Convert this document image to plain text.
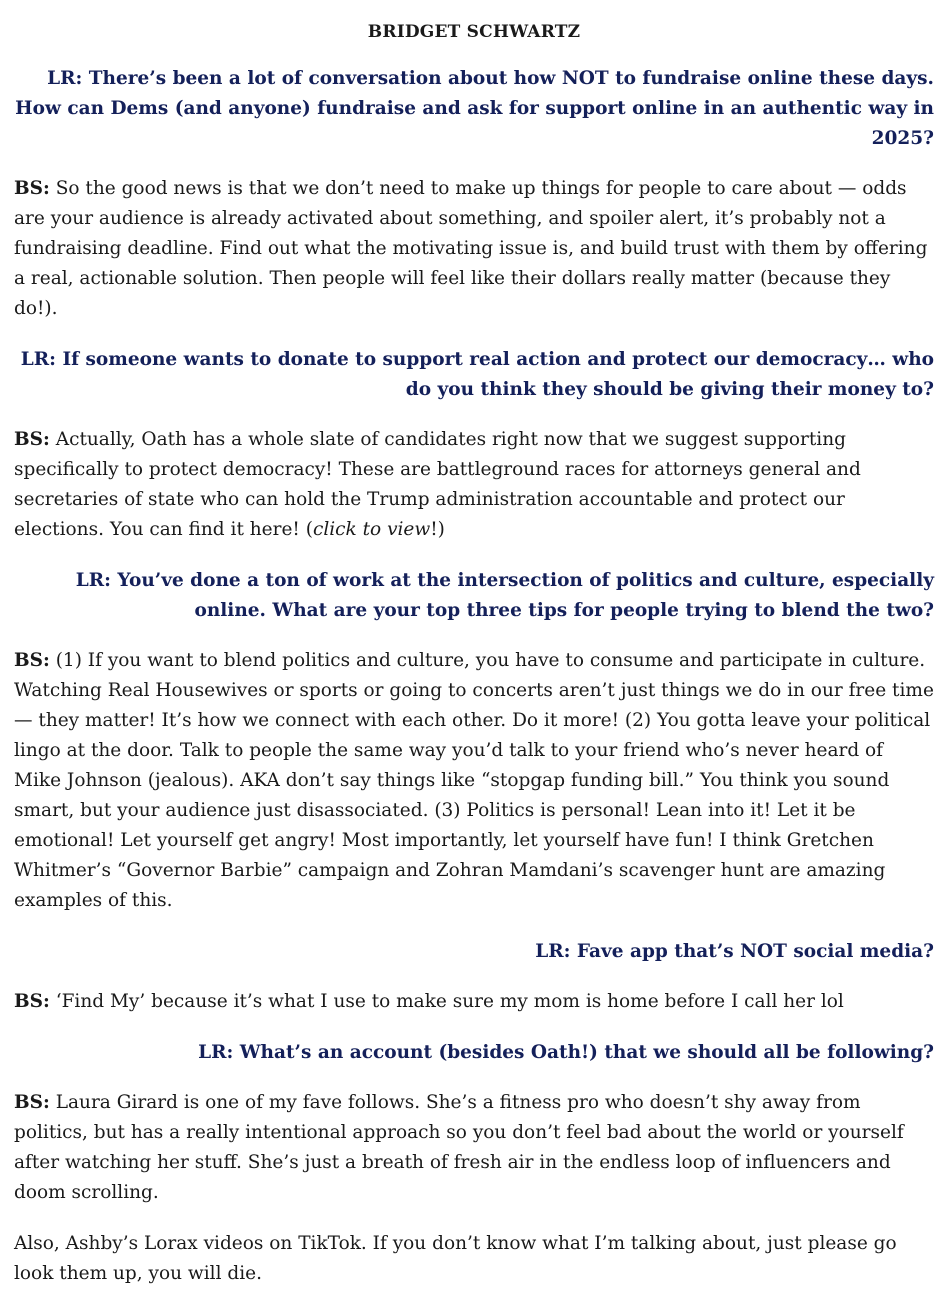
BRIDGET SCHWARTZ

LR: There’s been a lot of conversation about how NOT to fundraise online these days. How can Dems (and anyone) fundraise and ask for support online in an authentic way in 2025?

BS: So the good news is that we don’t need to make up things for people to care about — odds are your audience is already activated about something, and spoiler alert, it’s probably not a fundraising deadline. Find out what the motivating issue is, and build trust with them by offering a real, actionable solution. Then people will feel like their dollars really matter (because they do!).

LR: If someone wants to donate to support real action and protect our democracy… who do you think they should be giving their money to?

BS: Actually, Oath has a whole slate of candidates right now that we suggest supporting specifically to protect democracy! These are battleground races for attorneys general and secretaries of state who can hold the Trump administration accountable and protect our elections. You can find it here! (click to view!)

LR: You’ve done a ton of work at the intersection of politics and culture, especially online. What are your top three tips for people trying to blend the two?

BS: (1) If you want to blend politics and culture, you have to consume and participate in culture. Watching Real Housewives or sports or going to concerts aren’t just things we do in our free time — they matter! It’s how we connect with each other. Do it more! (2) You gotta leave your political lingo at the door. Talk to people the same way you’d talk to your friend who’s never heard of Mike Johnson (jealous). AKA don’t say things like “stopgap funding bill.” You think you sound smart, but your audience just disassociated. (3) Politics is personal! Lean into it! Let it be emotional! Let yourself get angry! Most importantly, let yourself have fun! I think Gretchen Whitmer’s “Governor Barbie” campaign and Zohran Mamdani’s scavenger hunt are amazing examples of this.

LR: Fave app that’s NOT social media?

BS: ‘Find My’ because it’s what I use to make sure my mom is home before I call her lol

LR: What’s an account (besides Oath!) that we should all be following?

BS: Laura Girard is one of my fave follows. She’s a fitness pro who doesn’t shy away from politics, but has a really intentional approach so you don’t feel bad about the world or yourself after watching her stuff. She’s just a breath of fresh air in the endless loop of influencers and doom scrolling.

Also, Ashby’s Lorax videos on TikTok. If you don’t know what I’m talking about, just please go look them up, you will die.
